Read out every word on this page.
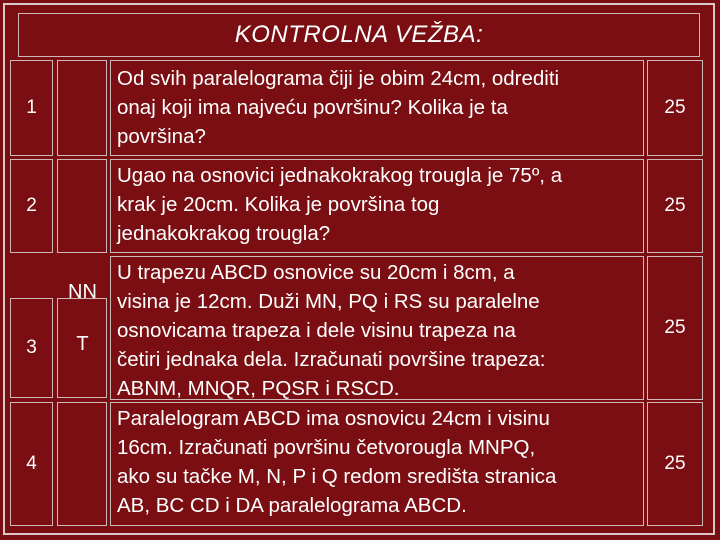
KONTROLNA VEŽBA:
1
Od svih paralelograma čiji je obim 24cm, odrediti
onaj koji ima najveću površinu? Kolika je ta
površina?
25
2
Ugao na osnovici jednakokrakog trougla je 75º, a
krak je 20cm. Kolika je površina tog
jednakokrakog trougla?
25
3
U trapezu ABCD osnovice su 20cm i 8cm, a
visina je 12cm. Duži MN, PQ i RS su paralelne
osnovicama trapeza i dele visinu trapeza na
četiri jednaka dela. Izračunati površine trapeza:
ABNM, MNQR, PQSR i RSCD.
25
4
Paralelogram ABCD ima osnovicu 24cm i visinu
16cm. Izračunati površinu četvorougla MNPQ,
ako su tačke M, N, P i Q redom središta stranica
AB, BC CD i DA paralelograma ABCD.
25

NN

T
